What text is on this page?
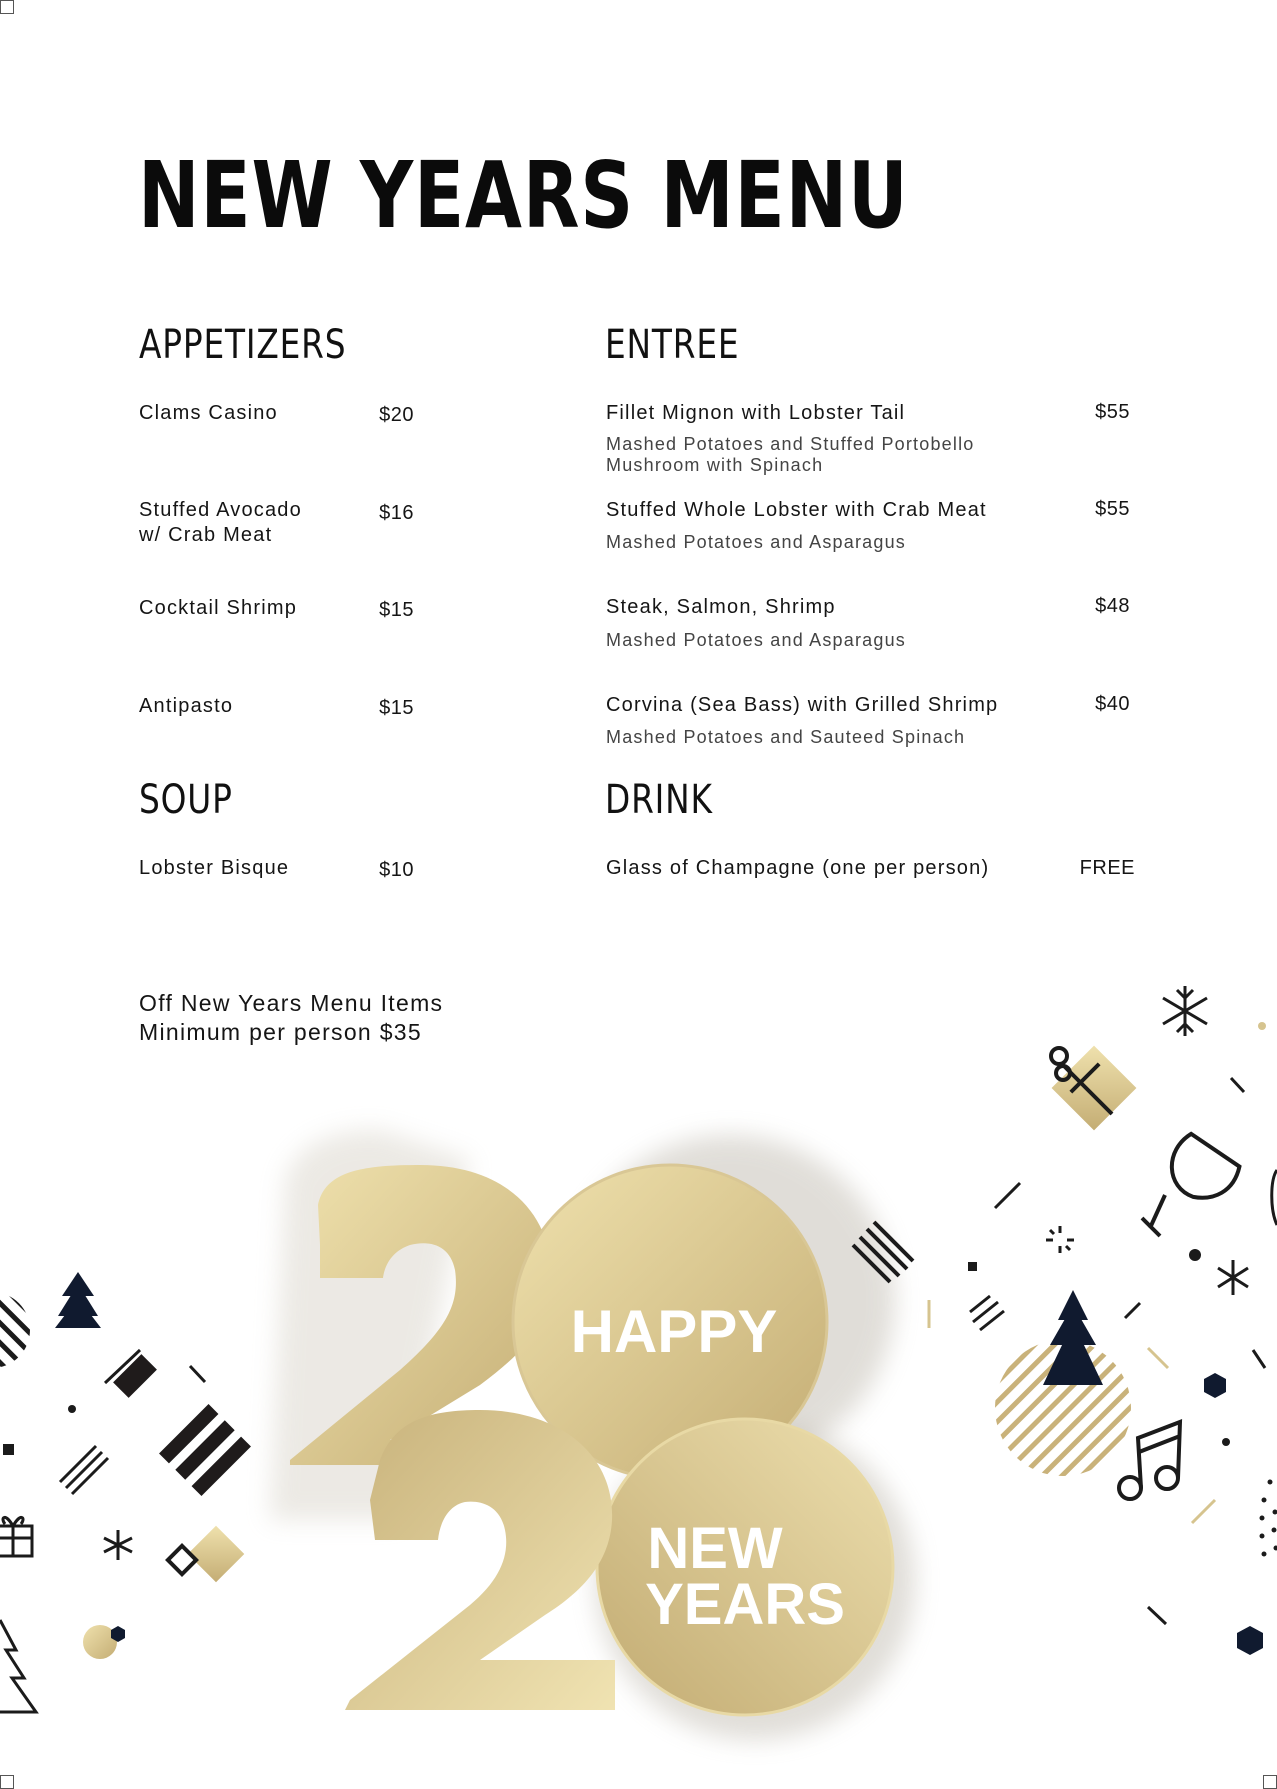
NEW YEARS MENU
APPETIZERS
Clams Casino	$20
Stuffed Avocado
w/ Crab Meat
$16
Cocktail Shrimp	$15
Antipasto	$15
ENTREE
Fillet Mignon with Lobster Tail	$55
Mashed Potatoes and Stuffed Portobello
Mushroom with Spinach
Stuffed Whole Lobster with Crab Meat	$55
Mashed Potatoes and Asparagus
Steak, Salmon, Shrimp	$48
Mashed Potatoes and Asparagus
Corvina (Sea Bass) with Grilled Shrimp	$40
Mashed Potatoes and Sauteed Spinach
SOUP
Lobster Bisque	$10
DRINK
Glass of Champagne (one per person)	FREE
Off New Years Menu Items
Minimum per person $35
HAPPY
NEW
YEARS
